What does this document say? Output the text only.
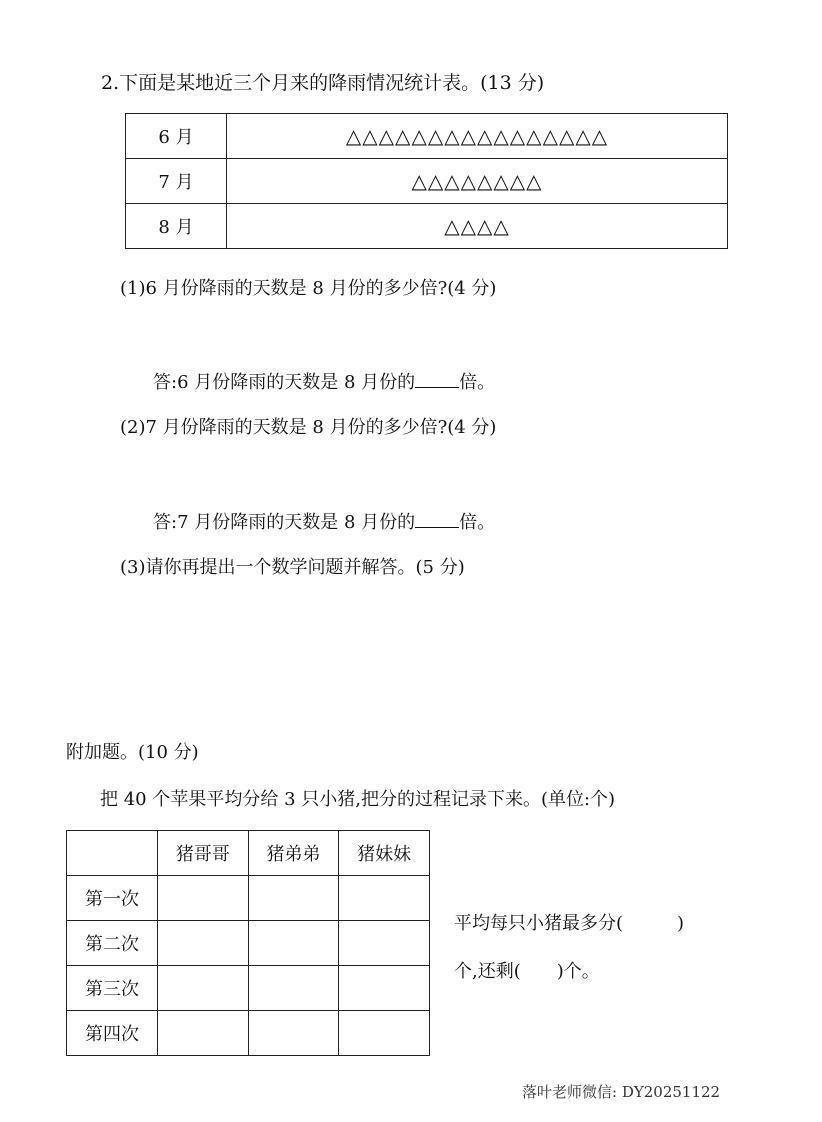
2.下面是某地近三个月来的降雨情况统计表。(13 分)
6 月	△△△△△△△△△△△△△△△△
7 月	△△△△△△△△
8 月	△△△△
(1)6 月份降雨的天数是 8 月份的多少倍?(4 分)
答:6 月份降雨的天数是 8 月份的 倍。
(2)7 月份降雨的天数是 8 月份的多少倍?(4 分)
答:7 月份降雨的天数是 8 月份的 倍。
(3)请你再提出一个数学问题并解答。(5 分)
附加题。(10 分)
把 40 个苹果平均分给 3 只小猪,把分的过程记录下来。(单位:个)
	猪哥哥	猪弟弟	猪妹妹
第一次			
第二次			
第三次			
第四次			
平均每只小猪最多分(　　　)
个,还剩(　　)个。
落叶老师微信: DY20251122
